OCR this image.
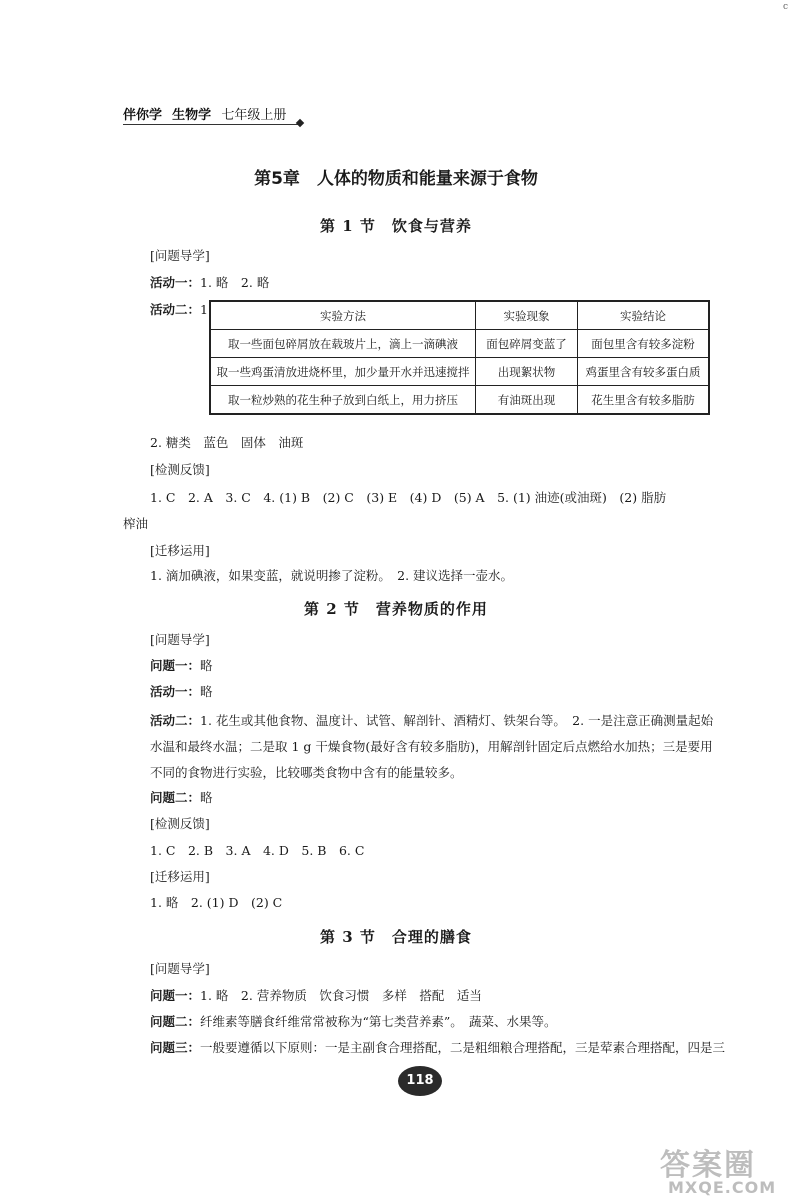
伴你学 生物学 七年级上册
c
第5章　人体的物质和能量来源于食物
第 1 节　饮食与营养
[问题导学]
活动一：1. 略　2. 略
活动二：1.	实验方法	实验现象	实验结论
取一些面包碎屑放在载玻片上，滴上一滴碘液	面包碎屑变蓝了	面包里含有较多淀粉
取一些鸡蛋清放进烧杯里，加少量开水并迅速搅拌	出现絮状物	鸡蛋里含有较多蛋白质
取一粒炒熟的花生种子放到白纸上，用力挤压	有油斑出现	花生里含有较多脂肪
2. 糖类　蓝色　固体　油斑
[检测反馈]
1. C　2. A　3. C　4. (1) B　(2) C　(3) E　(4) D　(5) A　5. (1) 油迹(或油斑)　(2) 脂肪
榨油
[迁移运用]
1. 滴加碘液，如果变蓝，就说明掺了淀粉。　2. 建议选择一壶水。
第 2 节　营养物质的作用
[问题导学]
问题一：略
活动一：略
活动二：1. 花生或其他食物、温度计、试管、解剖针、酒精灯、铁架台等。　2. 一是注意正确测量起始水温和最终水温；二是取 1 g 干燥食物(最好含有较多脂肪)，用解剖针固定后点燃给水加热；三是要用不同的食物进行实验，比较哪类食物中含有的能量较多。
问题二：略
[检测反馈]
1. C　2. B　3. A　4. D　5. B　6. C
[迁移运用]
1. 略　2. (1) D　(2) C
第 3 节　合理的膳食
[问题导学]
问题一：1. 略　2. 营养物质　饮食习惯　多样　搭配　适当
问题二：纤维素等膳食纤维常常被称为“第七类营养素”。　蔬菜、水果等。
问题三：一般要遵循以下原则：一是主副食合理搭配，二是粗细粮合理搭配，三是荤素合理搭配，四是三
118
答案圈
MXQE.COM
